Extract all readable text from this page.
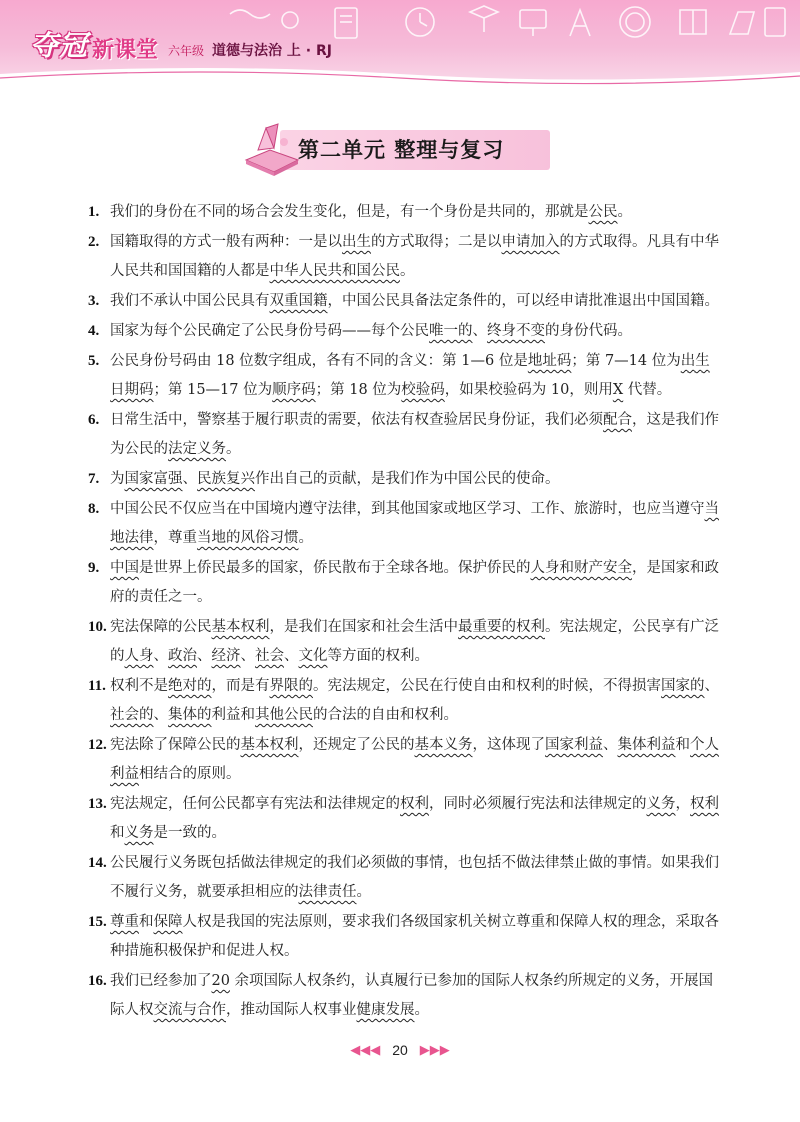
夺冠 新课堂 六年级 道德与法治 上 · RJ
第二单元 整理与复习
1. 我们的身份在不同的场合会发生变化，但是，有一个身份是共同的，那就是公民。
2. 国籍取得的方式一般有两种：一是以出生的方式取得；二是以申请加入的方式取得。凡具有中华人民共和国国籍的人都是中华人民共和国公民。
3. 我们不承认中国公民具有双重国籍，中国公民具备法定条件的，可以经申请批准退出中国国籍。
4. 国家为每个公民确定了公民身份号码——每个公民唯一的、终身不变的身份代码。
5. 公民身份号码由 18 位数字组成，各有不同的含义：第 1—6 位是地址码；第 7—14 位为出生日期码；第 15—17 位为顺序码；第 18 位为校验码，如果校验码为 10，则用X 代替。
6. 日常生活中，警察基于履行职责的需要，依法有权查验居民身份证，我们必须配合，这是我们作为公民的法定义务。
7. 为国家富强、民族复兴作出自己的贡献，是我们作为中国公民的使命。
8. 中国公民不仅应当在中国境内遵守法律，到其他国家或地区学习、工作、旅游时，也应当遵守当地法律，尊重当地的风俗习惯。
9. 中国是世界上侨民最多的国家，侨民散布于全球各地。保护侨民的人身和财产安全，是国家和政府的责任之一。
10. 宪法保障的公民基本权利，是我们在国家和社会生活中最重要的权利。宪法规定，公民享有广泛的人身、政治、经济、社会、文化等方面的权利。
11. 权利不是绝对的，而是有界限的。宪法规定，公民在行使自由和权利的时候，不得损害国家的、社会的、集体的利益和其他公民的合法的自由和权利。
12. 宪法除了保障公民的基本权利，还规定了公民的基本义务，这体现了国家利益、集体利益和个人利益相结合的原则。
13. 宪法规定，任何公民都享有宪法和法律规定的权利，同时必须履行宪法和法律规定的义务，权利和义务是一致的。
14. 公民履行义务既包括做法律规定的我们必须做的事情，也包括不做法律禁止做的事情。如果我们不履行义务，就要承担相应的法律责任。
15. 尊重和保障人权是我国的宪法原则，要求我们各级国家机关树立尊重和保障人权的理念，采取各种措施积极保护和促进人权。
16. 我们已经参加了20 余项国际人权条约，认真履行已参加的国际人权条约所规定的义务，开展国际人权交流与合作，推动国际人权事业健康发展。
◀◀◀ 20 ▶▶▶
